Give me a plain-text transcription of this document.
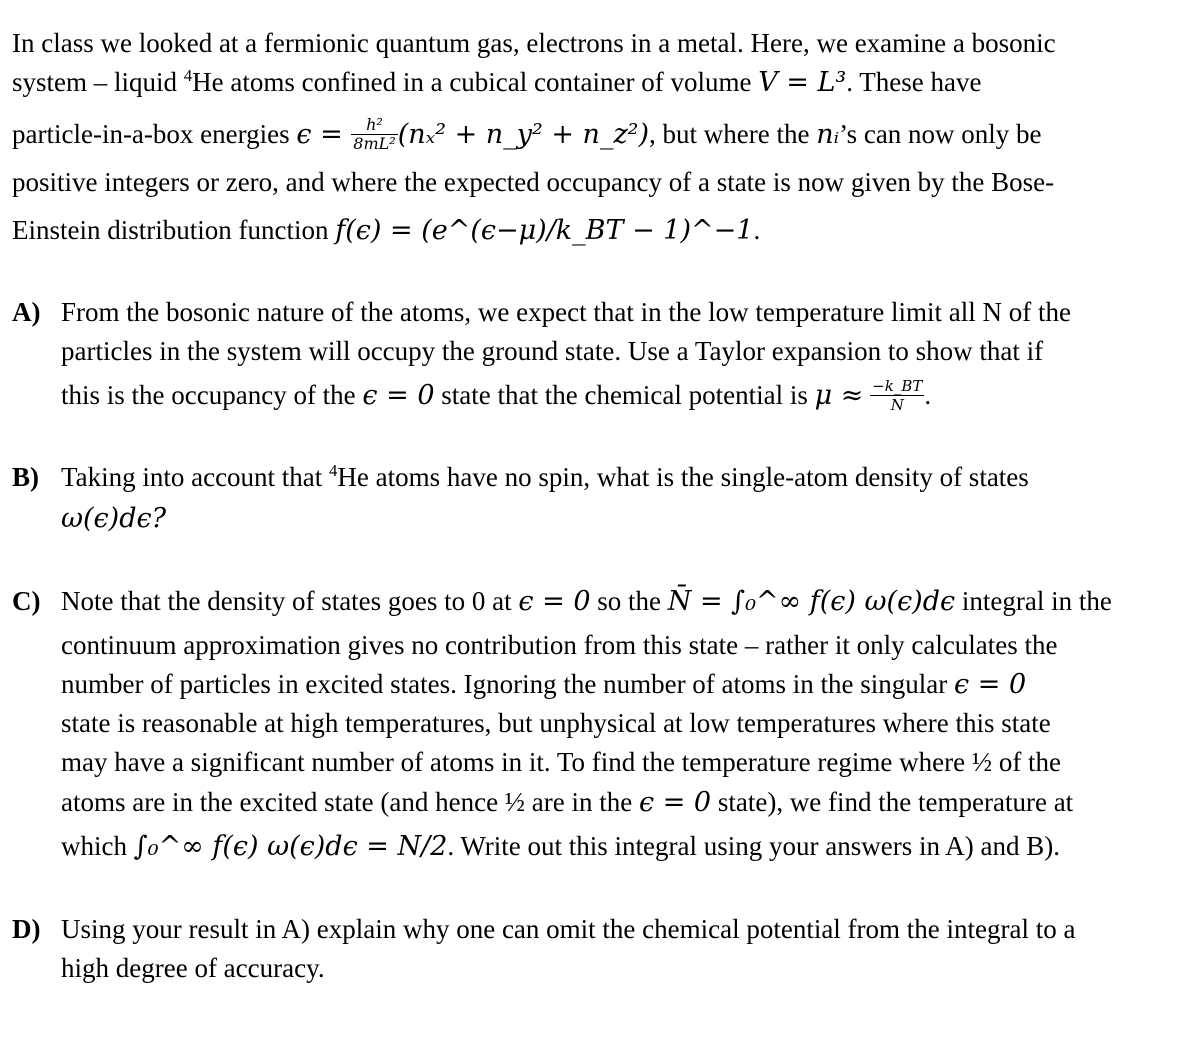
In class we looked at a fermionic quantum gas, electrons in a metal. Here, we examine a bosonic
system – liquid $^4$He atoms confined in a cubical container of volume V = L³. These have
particle-in-a-box energies $\epsilon = \frac{\text{h²}}{\text{8mL²}} (n_x^2$ + n_y² + n_z²), but where the nᵢ’s can now only be
positive integers or zero, and where the expected occupancy of a state is now given by the Bose-
Einstein distribution function f(ϵ) = (e^(ϵ−μ)/k_BT − 1)^−1.
A) From the bosonic nature of the atoms, we expect that in the low temperature limit all N of the
particles in the system will occupy the ground state. Use a Taylor expansion to show that if
this is the occupancy of the ϵ = 0 state that the chemical potential is $\mu \approx \frac{-k\_BT}{N}$ .
B) Taking into account that $^4$He atoms have no spin, what is the single-atom density of states
ω(ϵ)dϵ?
C) Note that the density of states goes to 0 at ϵ = 0 so the N̄ = ∫₀^∞ f(ϵ) ω(ϵ)dϵ integral in the
continuum approximation gives no contribution from this state – rather it only calculates the
number of particles in excited states. Ignoring the number of atoms in the singular ϵ = 0
state is reasonable at high temperatures, but unphysical at low temperatures where this state
may have a significant number of atoms in it. To find the temperature regime where ½ of the
atoms are in the excited state (and hence ½ are in the ϵ = 0 state), we find the temperature at
which ∫₀^∞ f(ϵ) ω(ϵ)dϵ = N/2. Write out this integral using your answers in A) and B).
D) Using your result in A) explain why one can omit the chemical potential from the integral to a
high degree of accuracy.
